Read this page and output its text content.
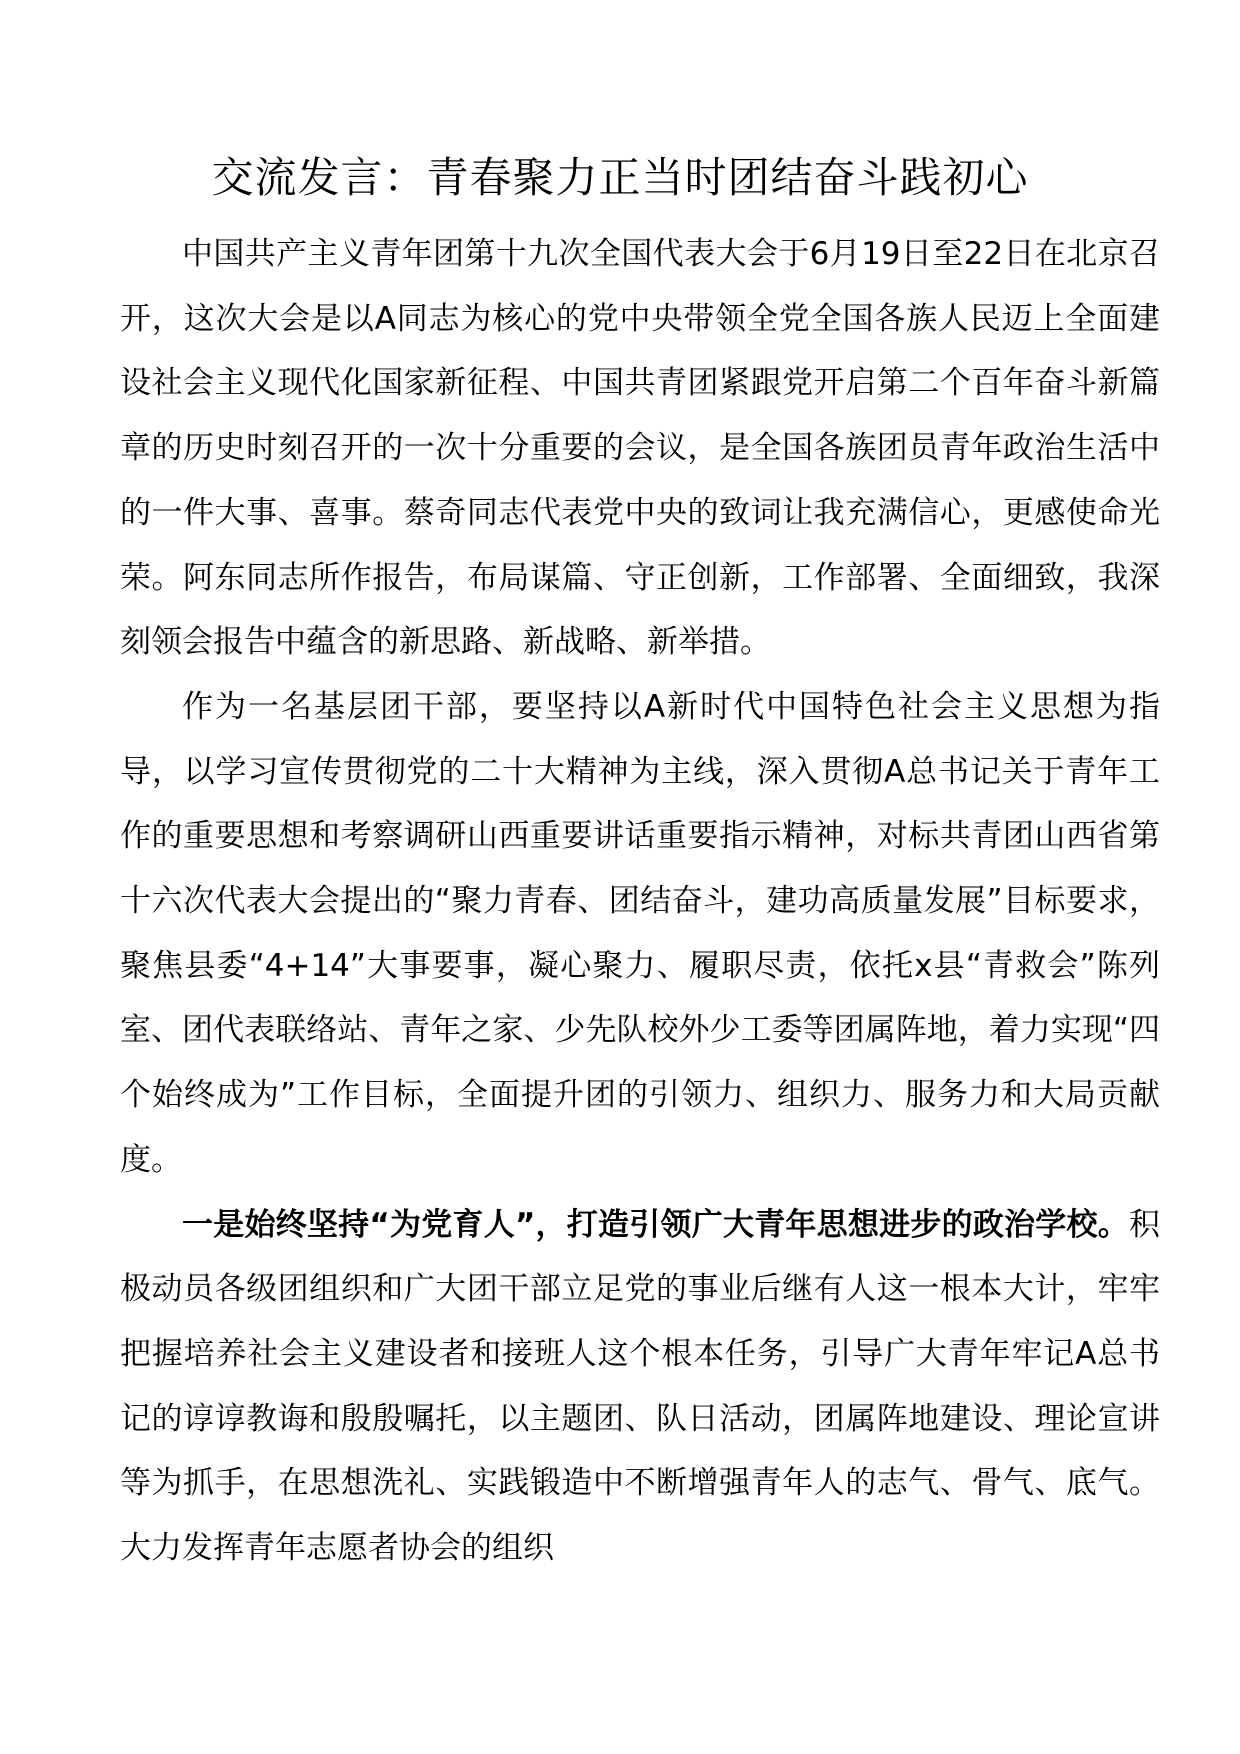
交流发言：青春聚力正当时团结奋斗践初心

中国共产主义青年团第十九次全国代表大会于6月19日至22日在北京召开，这次大会是以A同志为核心的党中央带领全党全国各族人民迈上全面建设社会主义现代化国家新征程、中国共青团紧跟党开启第二个百年奋斗新篇章的历史时刻召开的一次十分重要的会议，是全国各族团员青年政治生活中的一件大事、喜事。蔡奇同志代表党中央的致词让我充满信心，更感使命光荣。阿东同志所作报告，布局谋篇、守正创新，工作部署、全面细致，我深刻领会报告中蕴含的新思路、新战略、新举措。

作为一名基层团干部，要坚持以A新时代中国特色社会主义思想为指导，以学习宣传贯彻党的二十大精神为主线，深入贯彻A总书记关于青年工作的重要思想和考察调研山西重要讲话重要指示精神，对标共青团山西省第十六次代表大会提出的“聚力青春、团结奋斗，建功高质量发展”目标要求，聚焦县委“4+14”大事要事，凝心聚力、履职尽责，依托x县“青救会”陈列室、团代表联络站、青年之家、少先队校外少工委等团属阵地，着力实现“四个始终成为”工作目标，全面提升团的引领力、组织力、服务力和大局贡献度。

一是始终坚持“为党育人”，打造引领广大青年思想进步的政治学校。积极动员各级团组织和广大团干部立足党的事业后继有人这一根本大计，牢牢把握培养社会主义建设者和接班人这个根本任务，引导广大青年牢记A总书记的谆谆教诲和殷殷嘱托，以主题团、队日活动，团属阵地建设、理论宣讲等为抓手，在思想洗礼、实践锻造中不断增强青年人的志气、骨气、底气。大力发挥青年志愿者协会的组织
